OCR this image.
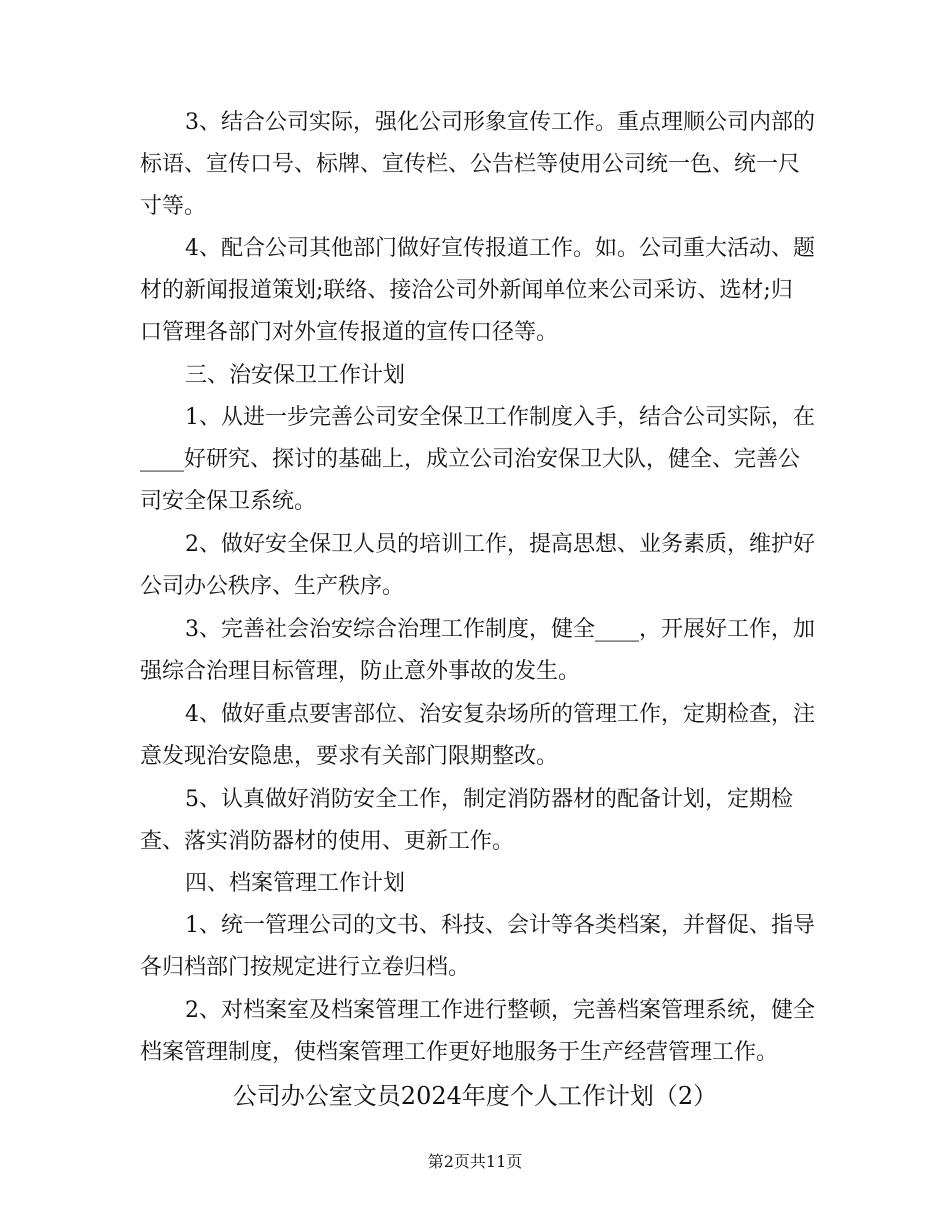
3、结合公司实际，强化公司形象宣传工作。重点理顺公司内部的
标语、宣传口号、标牌、宣传栏、公告栏等使用公司统一色、统一尺
寸等。
4、配合公司其他部门做好宣传报道工作。如。公司重大活动、题
材的新闻报道策划;联络、接洽公司外新闻单位来公司采访、选材;归
口管理各部门对外宣传报道的宣传口径等。
三、治安保卫工作计划
1、从进一步完善公司安全保卫工作制度入手，结合公司实际，在
____好研究、探讨的基础上，成立公司治安保卫大队，健全、完善公
司安全保卫系统。
2、做好安全保卫人员的培训工作，提高思想、业务素质，维护好
公司办公秩序、生产秩序。
3、完善社会治安综合治理工作制度，健全____，开展好工作，加
强综合治理目标管理，防止意外事故的发生。
4、做好重点要害部位、治安复杂场所的管理工作，定期检查，注
意发现治安隐患，要求有关部门限期整改。
5、认真做好消防安全工作，制定消防器材的配备计划，定期检
查、落实消防器材的使用、更新工作。
四、档案管理工作计划
1、统一管理公司的文书、科技、会计等各类档案，并督促、指导
各归档部门按规定进行立卷归档。
2、对档案室及档案管理工作进行整顿，完善档案管理系统，健全
档案管理制度，使档案管理工作更好地服务于生产经营管理工作。
公司办公室文员2024年度个人工作计划（2）
第2页共11页
